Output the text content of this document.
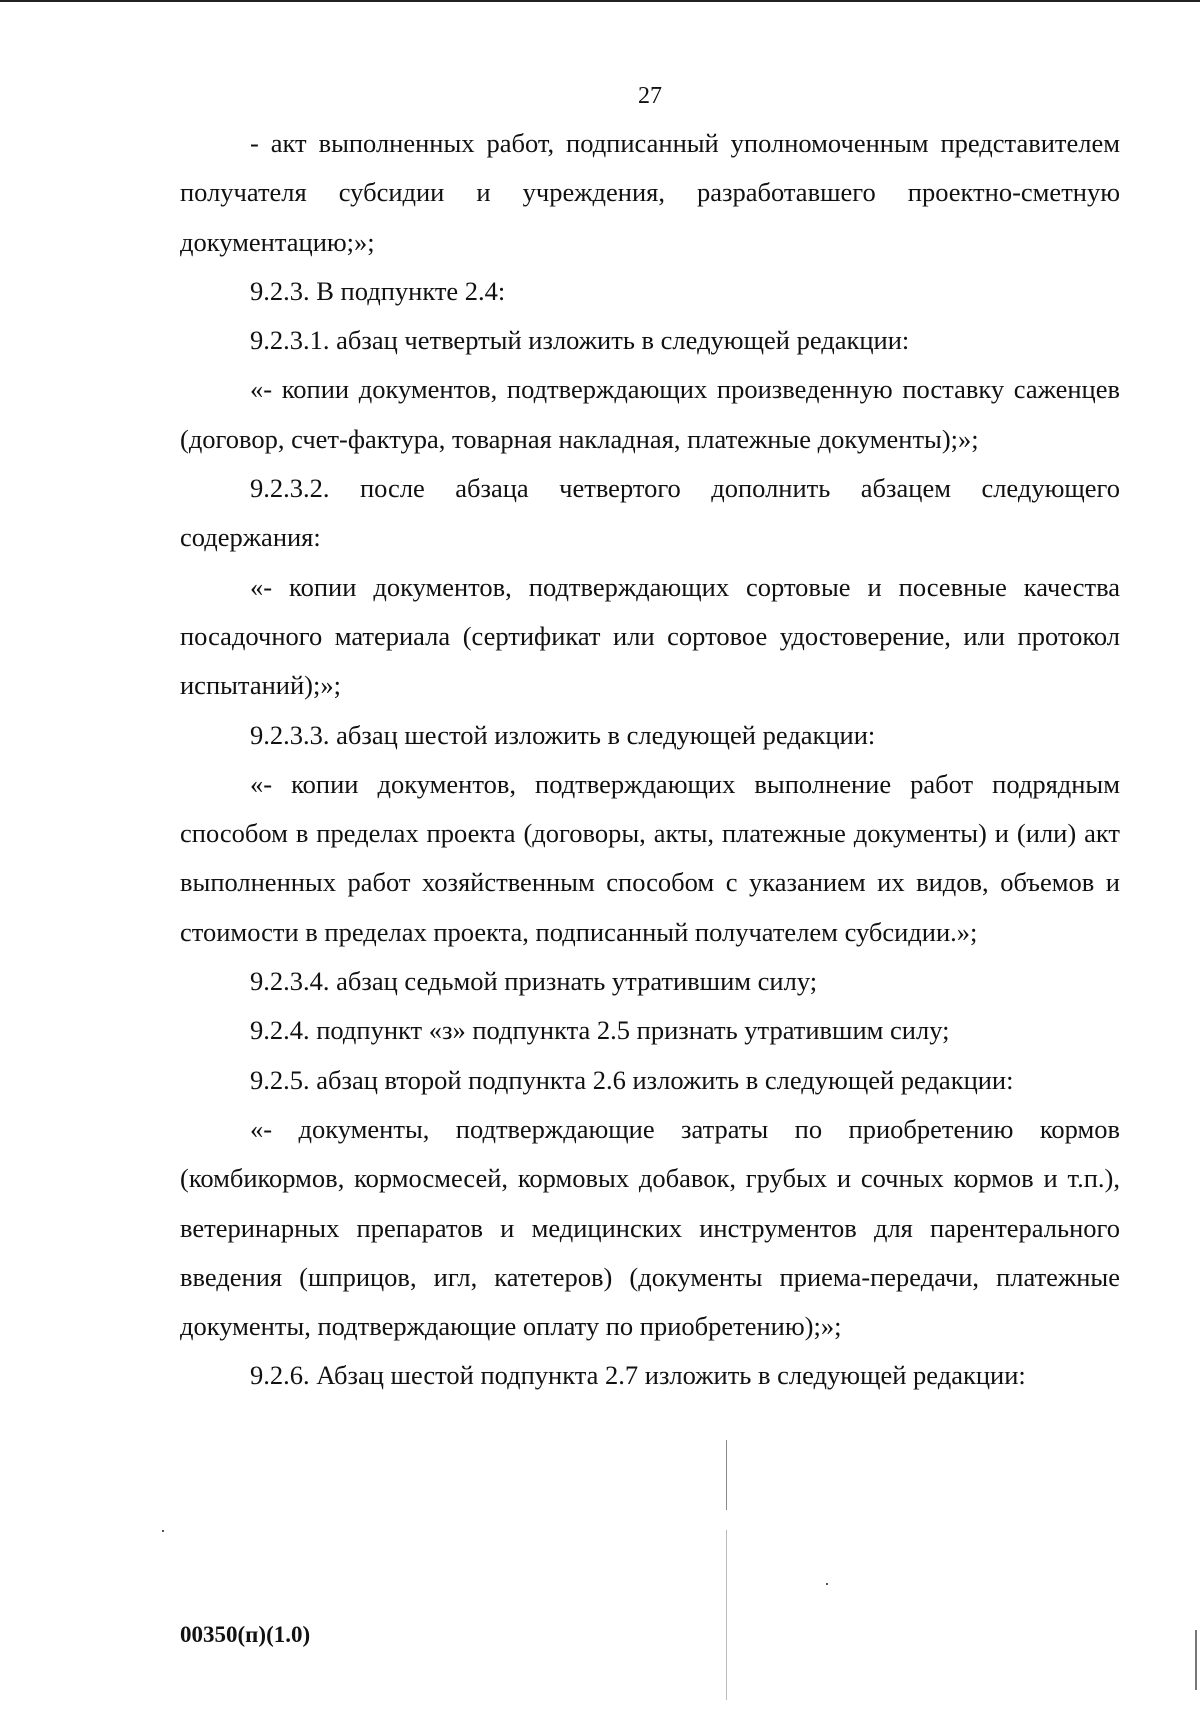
27

- акт выполненных работ, подписанный уполномоченным представителем получателя субсидии и учреждения, разработавшего проектно-сметную документацию;»;

9.2.3. В подпункте 2.4:

9.2.3.1. абзац четвертый изложить в следующей редакции:

«- копии документов, подтверждающих произведенную поставку саженцев (договор, счет-фактура, товарная накладная, платежные документы);»;

9.2.3.2. после абзаца четвертого дополнить абзацем следующего содержания:

«- копии документов, подтверждающих сортовые и посевные качества посадочного материала (сертификат или сортовое удостоверение, или протокол испытаний);»;

9.2.3.3. абзац шестой изложить в следующей редакции:

«- копии документов, подтверждающих выполнение работ подрядным способом в пределах проекта (договоры, акты, платежные документы) и (или) акт выполненных работ хозяйственным способом с указанием их видов, объемов и стоимости в пределах проекта, подписанный получателем субсидии.»;

9.2.3.4. абзац седьмой признать утратившим силу;

9.2.4. подпункт «з» подпункта 2.5 признать утратившим силу;

9.2.5. абзац второй подпункта 2.6 изложить в следующей редакции:

«- документы, подтверждающие затраты по приобретению кормов (комбикормов, кормосмесей, кормовых добавок, грубых и сочных кормов и т.п.), ветеринарных препаратов и медицинских инструментов для парентерального введения (шприцов, игл, катетеров) (документы приема-передачи, платежные документы, подтверждающие оплату по приобретению);»;

9.2.6. Абзац шестой подпункта 2.7 изложить в следующей редакции:

00350(п)(1.0)
